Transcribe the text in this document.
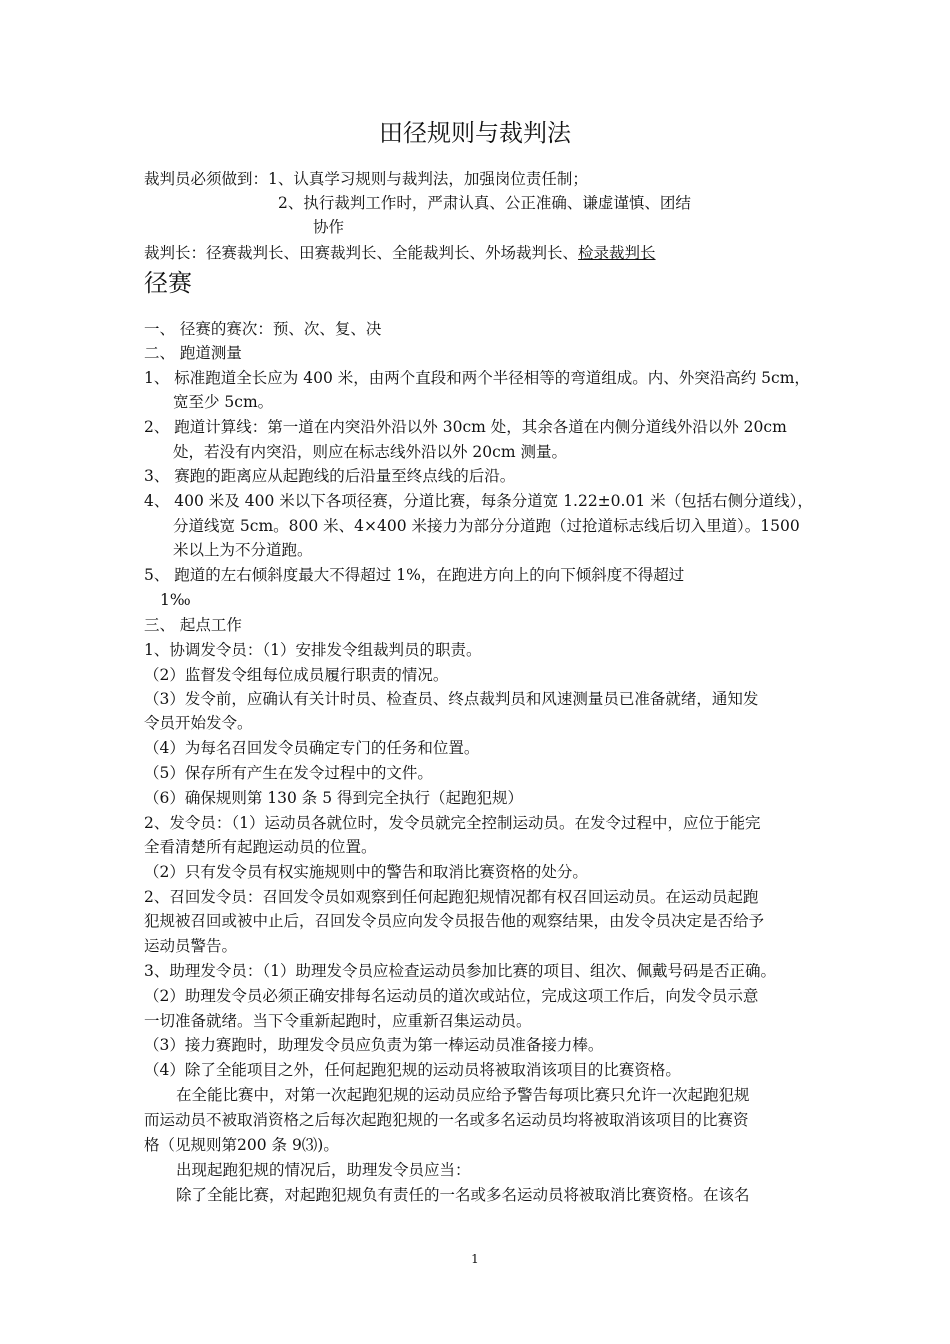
田径规则与裁判法
裁判员必须做到： 1、认真学习规则与裁判法，加强岗位责任制；
2、执行裁判工作时，严肃认真、公正准确、谦虚谨慎、团结
协作
裁判长：径赛裁判长、田赛裁判长、全能裁判长、外场裁判长、检录裁判长
径赛
一、 径赛的赛次：预、次、复、决
二、 跑道测量
1、 标准跑道全长应为 400 米，由两个直段和两个半径相等的弯道组成。内、外突沿高约 5cm，
宽至少 5cm。
2、 跑道计算线：第一道在内突沿外沿以外 30cm 处，其余各道在内侧分道线外沿以外 20cm
处，若没有内突沿，则应在标志线外沿以外 20cm 测量。
3、 赛跑的距离应从起跑线的后沿量至终点线的后沿。
4、 400 米及 400 米以下各项径赛，分道比赛，每条分道宽 1.22±0.01 米（包括右侧分道线），
分道线宽 5cm。800 米、4×400 米接力为部分分道跑（过抢道标志线后切入里道）。1500
米以上为不分道跑。
5、 跑道的左右倾斜度最大不得超过 1%，在跑进方向上的向下倾斜度不得超过
1‰
三、 起点工作
1、协调发令员：（1）安排发令组裁判员的职责。
（2）监督发令组每位成员履行职责的情况。
（3）发令前，应确认有关计时员、检查员、终点裁判员和风速测量员已准备就绪，通知发
令员开始发令。
（4）为每名召回发令员确定专门的任务和位置。
（5）保存所有产生在发令过程中的文件。
（6）确保规则第 130 条 5 得到完全执行（起跑犯规）
2、发令员：（1）运动员各就位时，发令员就完全控制运动员。在发令过程中，应位于能完
全看清楚所有起跑运动员的位置。
（2）只有发令员有权实施规则中的警告和取消比赛资格的处分。
2、召回发令员：召回发令员如观察到任何起跑犯规情况都有权召回运动员。在运动员起跑
犯规被召回或被中止后，召回发令员应向发令员报告他的观察结果，由发令员决定是否给予
运动员警告。
3、助理发令员：（1）助理发令员应检查运动员参加比赛的项目、组次、佩戴号码是否正确。
（2）助理发令员必须正确安排每名运动员的道次或站位，完成这项工作后，向发令员示意
一切准备就绪。当下令重新起跑时，应重新召集运动员。
（3）接力赛跑时，助理发令员应负责为第一棒运动员准备接力棒。
（4）除了全能项目之外，任何起跑犯规的运动员将被取消该项目的比赛资格。
在全能比赛中，对第一次起跑犯规的运动员应给予警告每项比赛只允许一次起跑犯规
而运动员不被取消资格之后每次起跑犯规的一名或多名运动员均将被取消该项目的比赛资
格（见规则第200 条 9⑶)。
出现起跑犯规的情况后，助理发令员应当：
除了全能比赛，对起跑犯规负有责任的一名或多名运动员将被取消比赛资格。在该名
1
